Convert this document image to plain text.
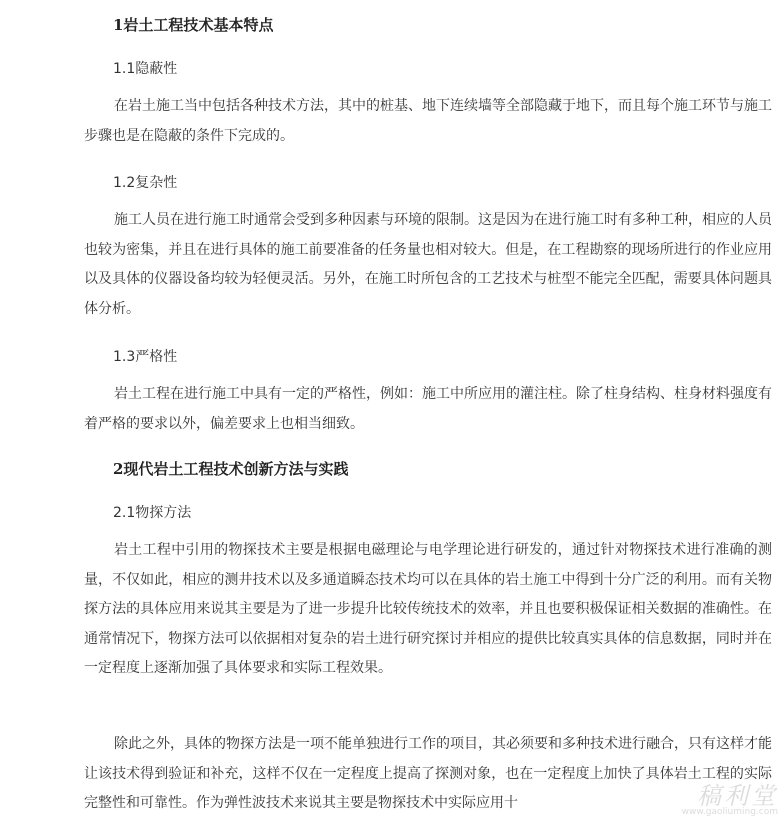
1岩土工程技术基本特点
1.1隐蔽性
在岩土施工当中包括各种技术方法，其中的桩基、地下连续墙等全部隐藏于地下，而且每个施工环节与施工步骤也是在隐蔽的条件下完成的。
1.2复杂性
施工人员在进行施工时通常会受到多种因素与环境的限制。这是因为在进行施工时有多种工种，相应的人员也较为密集，并且在进行具体的施工前要准备的任务量也相对较大。但是，在工程勘察的现场所进行的作业应用以及具体的仪器设备均较为轻便灵活。另外，在施工时所包含的工艺技术与桩型不能完全匹配，需要具体问题具体分析。
1.3严格性
岩土工程在进行施工中具有一定的严格性，例如：施工中所应用的灌注柱。除了柱身结构、柱身材料强度有着严格的要求以外，偏差要求上也相当细致。
2现代岩土工程技术创新方法与实践
2.1物探方法
岩土工程中引用的物探技术主要是根据电磁理论与电学理论进行研发的，通过针对物探技术进行准确的测量，不仅如此，相应的测井技术以及多通道瞬态技术均可以在具体的岩土施工中得到十分广泛的利用。而有关物探方法的具体应用来说其主要是为了进一步提升比较传统技术的效率，并且也要积极保证相关数据的准确性。在通常情况下，物探方法可以依据相对复杂的岩土进行研究探讨并相应的提供比较真实具体的信息数据，同时并在一定程度上逐渐加强了具体要求和实际工程效果。
除此之外，具体的物探方法是一项不能单独进行工作的项目，其必须要和多种技术进行融合，只有这样才能让该技术得到验证和补充，这样不仅在一定程度上提高了探测对象，也在一定程度上加快了具体岩土工程的实际完整性和可靠性。作为弹性波技术来说其主要是物探技术中实际应用十	稿利堂
www.gaoliuming.com
